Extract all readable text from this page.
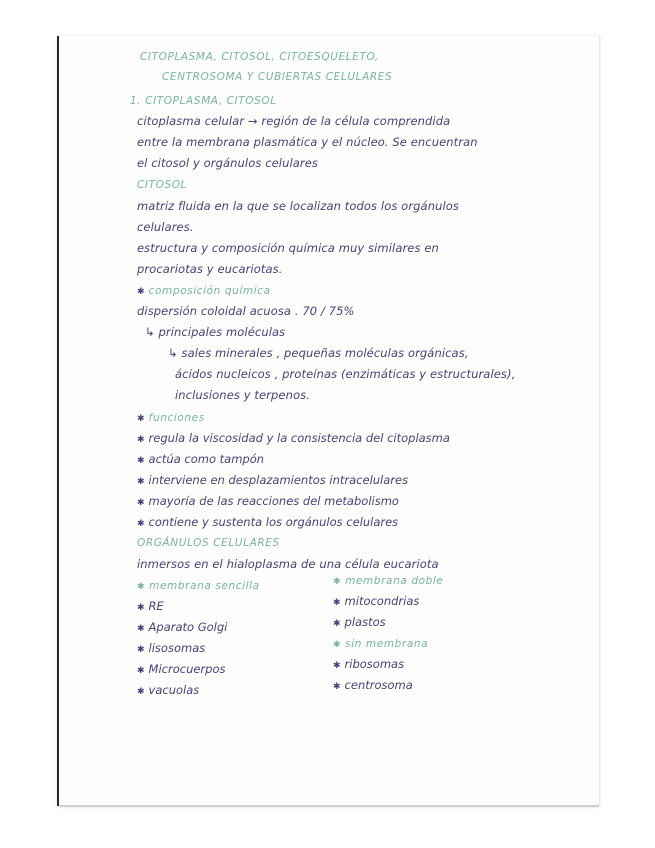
CITOPLASMA, CITOSOL, CITOESQUELETO,
CENTROSOMA Y CUBIERTAS CELULARES
1. CITOPLASMA, CITOSOL
citoplasma celular → región de la célula comprendida
entre la membrana plasmática y el núcleo. Se encuentran
el citosol y orgánulos celulares
CITOSOL
matriz fluida en la que se localizan todos los orgánulos
celulares.
estructura y composición química muy similares en
procariotas y eucariotas.
✱ composición química
dispersión coloidal acuosa . 70 / 75%
↳ principales moléculas
↳ sales minerales , pequeñas moléculas orgánicas,
ácidos nucleicos , proteínas (enzimáticas y estructurales),
inclusiones y terpenos.
✱ funciones
✱ regula la viscosidad y la consistencia del citoplasma
✱ actúa como tampón
✱ interviene en desplazamientos intracelulares
✱ mayoría de las reacciones del metabolismo
✱ contiene y sustenta los orgánulos celulares
ORGÁNULOS CELULARES
inmersos en el hialoplasma de una célula eucariota
✱ membrana sencilla
✱ RE
✱ Aparato Golgi
✱ lisosomas
✱ Microcuerpos
✱ vacuolas
✱ membrana doble
✱ mitocondrias
✱ plastos
✱ sin membrana
✱ ribosomas
✱ centrosoma
